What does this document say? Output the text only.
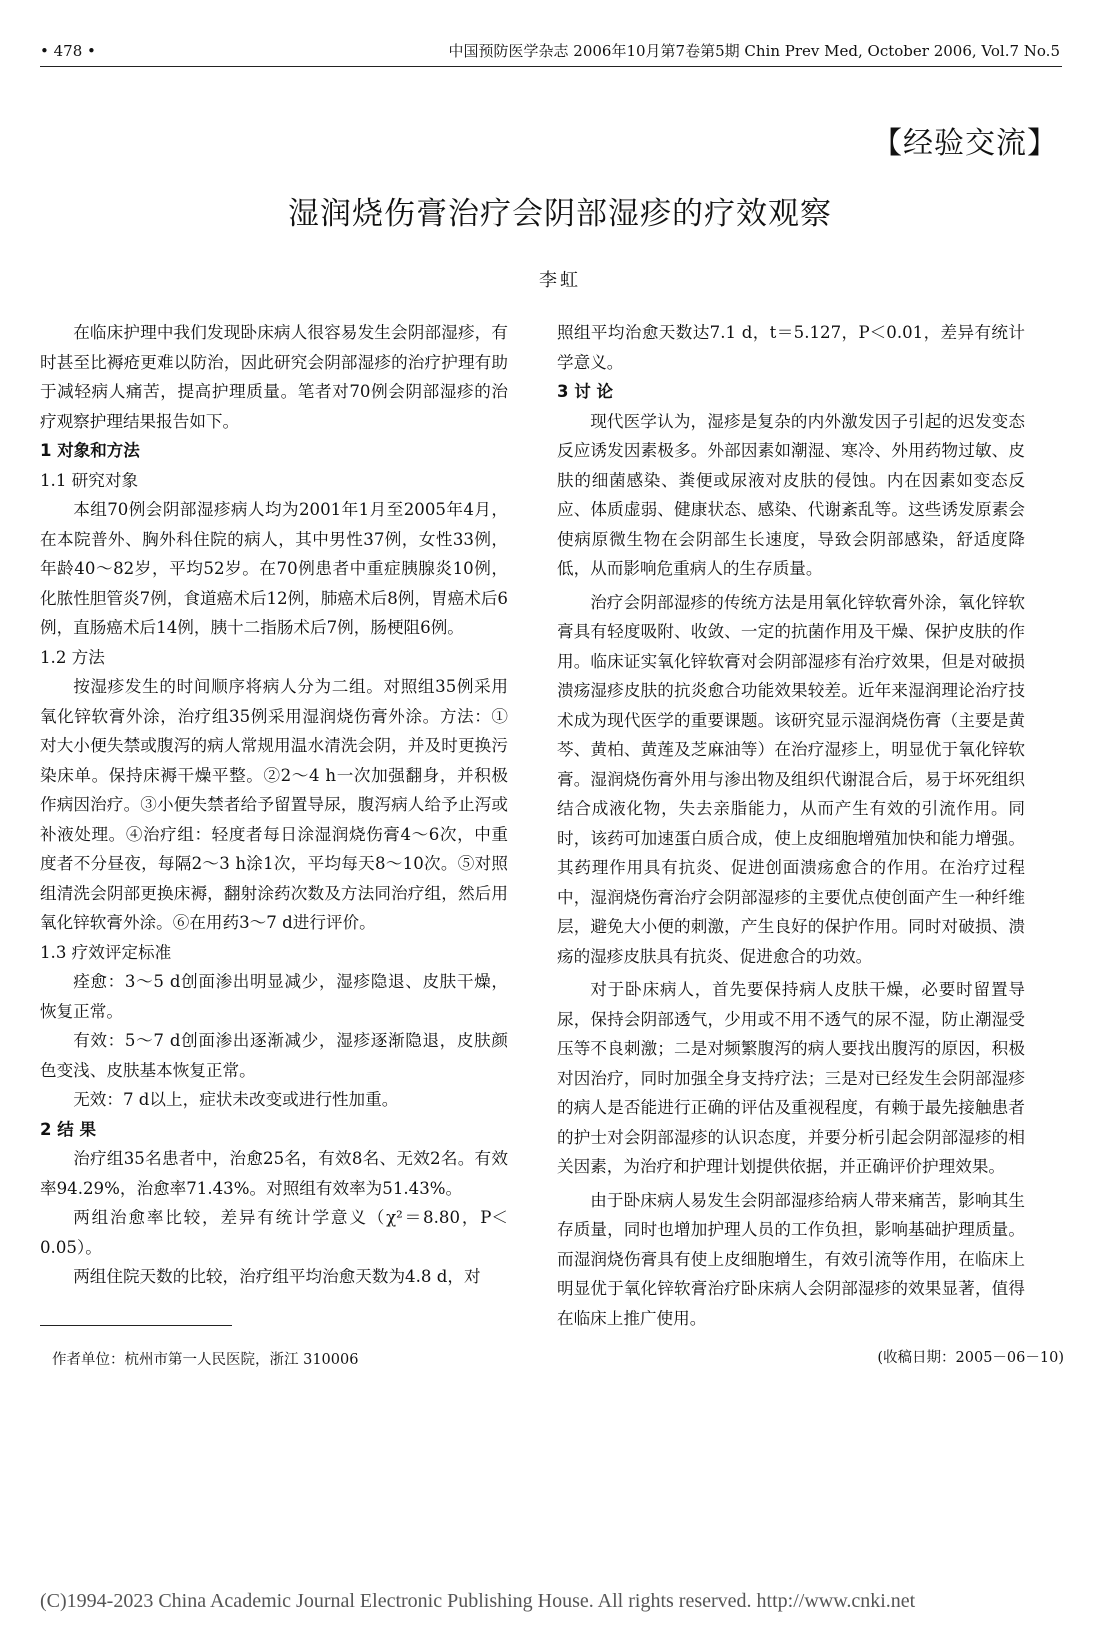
• 478 •	中国预防医学杂志 2006年10月第7卷第5期 Chin Prev Med, October 2006, Vol.7 No.5
【经验交流】
湿润烧伤膏治疗会阴部湿疹的疗效观察
李虹

在临床护理中我们发现卧床病人很容易发生会阴部湿疹，有时甚至比褥疮更难以防治，因此研究会阴部湿疹的治疗护理有助于减轻病人痛苦，提高护理质量。笔者对70例会阴部湿疹的治疗观察护理结果报告如下。

1 对象和方法
1.1 研究对象

本组70例会阴部湿疹病人均为2001年1月至2005年4月，在本院普外、胸外科住院的病人，其中男性37例，女性33例，年龄40～82岁，平均52岁。在70例患者中重症胰腺炎10例，化脓性胆管炎7例，食道癌术后12例，肺癌术后8例，胃癌术后6例，直肠癌术后14例，胰十二指肠术后7例，肠梗阻6例。

1.2 方法

按湿疹发生的时间顺序将病人分为二组。对照组35例采用氧化锌软膏外涂，治疗组35例采用湿润烧伤膏外涂。方法：①对大小便失禁或腹泻的病人常规用温水清洗会阴，并及时更换污染床单。保持床褥干燥平整。②2～4 h一次加强翻身，并积极作病因治疗。③小便失禁者给予留置导尿，腹泻病人给予止泻或补液处理。④治疗组：轻度者每日涂湿润烧伤膏4～6次，中重度者不分昼夜，每隔2～3 h涂1次，平均每天8～10次。⑤对照组清洗会阴部更换床褥，翻射涂药次数及方法同治疗组，然后用氧化锌软膏外涂。⑥在用药3～7 d进行评价。

1.3 疗效评定标准

痊愈：3～5 d创面渗出明显减少，湿疹隐退、皮肤干燥，恢复正常。

有效：5～7 d创面渗出逐渐减少，湿疹逐渐隐退，皮肤颜色变浅、皮肤基本恢复正常。

无效：7 d以上，症状未改变或进行性加重。

2 结 果

治疗组35名患者中，治愈25名，有效8名、无效2名。有效率94.29%，治愈率71.43%。对照组有效率为51.43%。

两组治愈率比较，差异有统计学意义（χ²＝8.80，P＜0.05）。

两组住院天数的比较，治疗组平均治愈天数为4.8 d，对

照组平均治愈天数达7.1 d，t＝5.127，P＜0.01，差异有统计学意义。

3 讨 论

现代医学认为，湿疹是复杂的内外激发因子引起的迟发变态反应诱发因素极多。外部因素如潮湿、寒冷、外用药物过敏、皮肤的细菌感染、粪便或尿液对皮肤的侵蚀。内在因素如变态反应、体质虚弱、健康状态、感染、代谢紊乱等。这些诱发原素会使病原微生物在会阴部生长速度，导致会阴部感染，舒适度降低，从而影响危重病人的生存质量。

治疗会阴部湿疹的传统方法是用氧化锌软膏外涂，氧化锌软膏具有轻度吸附、收敛、一定的抗菌作用及干燥、保护皮肤的作用。临床证实氧化锌软膏对会阴部湿疹有治疗效果，但是对破损溃疡湿疹皮肤的抗炎愈合功能效果较差。近年来湿润理论治疗技术成为现代医学的重要课题。该研究显示湿润烧伤膏（主要是黄芩、黄柏、黄莲及芝麻油等）在治疗湿疹上，明显优于氧化锌软膏。湿润烧伤膏外用与渗出物及组织代谢混合后，易于坏死组织结合成液化物，失去亲脂能力，从而产生有效的引流作用。同时，该药可加速蛋白质合成，使上皮细胞增殖加快和能力增强。其药理作用具有抗炎、促进创面溃疡愈合的作用。在治疗过程中，湿润烧伤膏治疗会阴部湿疹的主要优点使创面产生一种纤维层，避免大小便的刺激，产生良好的保护作用。同时对破损、溃疡的湿疹皮肤具有抗炎、促进愈合的功效。

对于卧床病人，首先要保持病人皮肤干燥，必要时留置导尿，保持会阴部透气，少用或不用不透气的尿不湿，防止潮湿受压等不良刺激；二是对频繁腹泻的病人要找出腹泻的原因，积极对因治疗，同时加强全身支持疗法；三是对已经发生会阴部湿疹的病人是否能进行正确的评估及重视程度，有赖于最先接触患者的护士对会阴部湿疹的认识态度，并要分析引起会阴部湿疹的相关因素，为治疗和护理计划提供依据，并正确评价护理效果。

由于卧床病人易发生会阴部湿疹给病人带来痛苦，影响其生存质量，同时也增加护理人员的工作负担，影响基础护理质量。而湿润烧伤膏具有使上皮细胞增生，有效引流等作用，在临床上明显优于氧化锌软膏治疗卧床病人会阴部湿疹的效果显著，值得在临床上推广使用。

作者单位：杭州市第一人民医院，浙江 310006	(收稿日期：2005－06－10)
(C)1994-2023 China Academic Journal Electronic Publishing House. All rights reserved. http://www.cnki.net
